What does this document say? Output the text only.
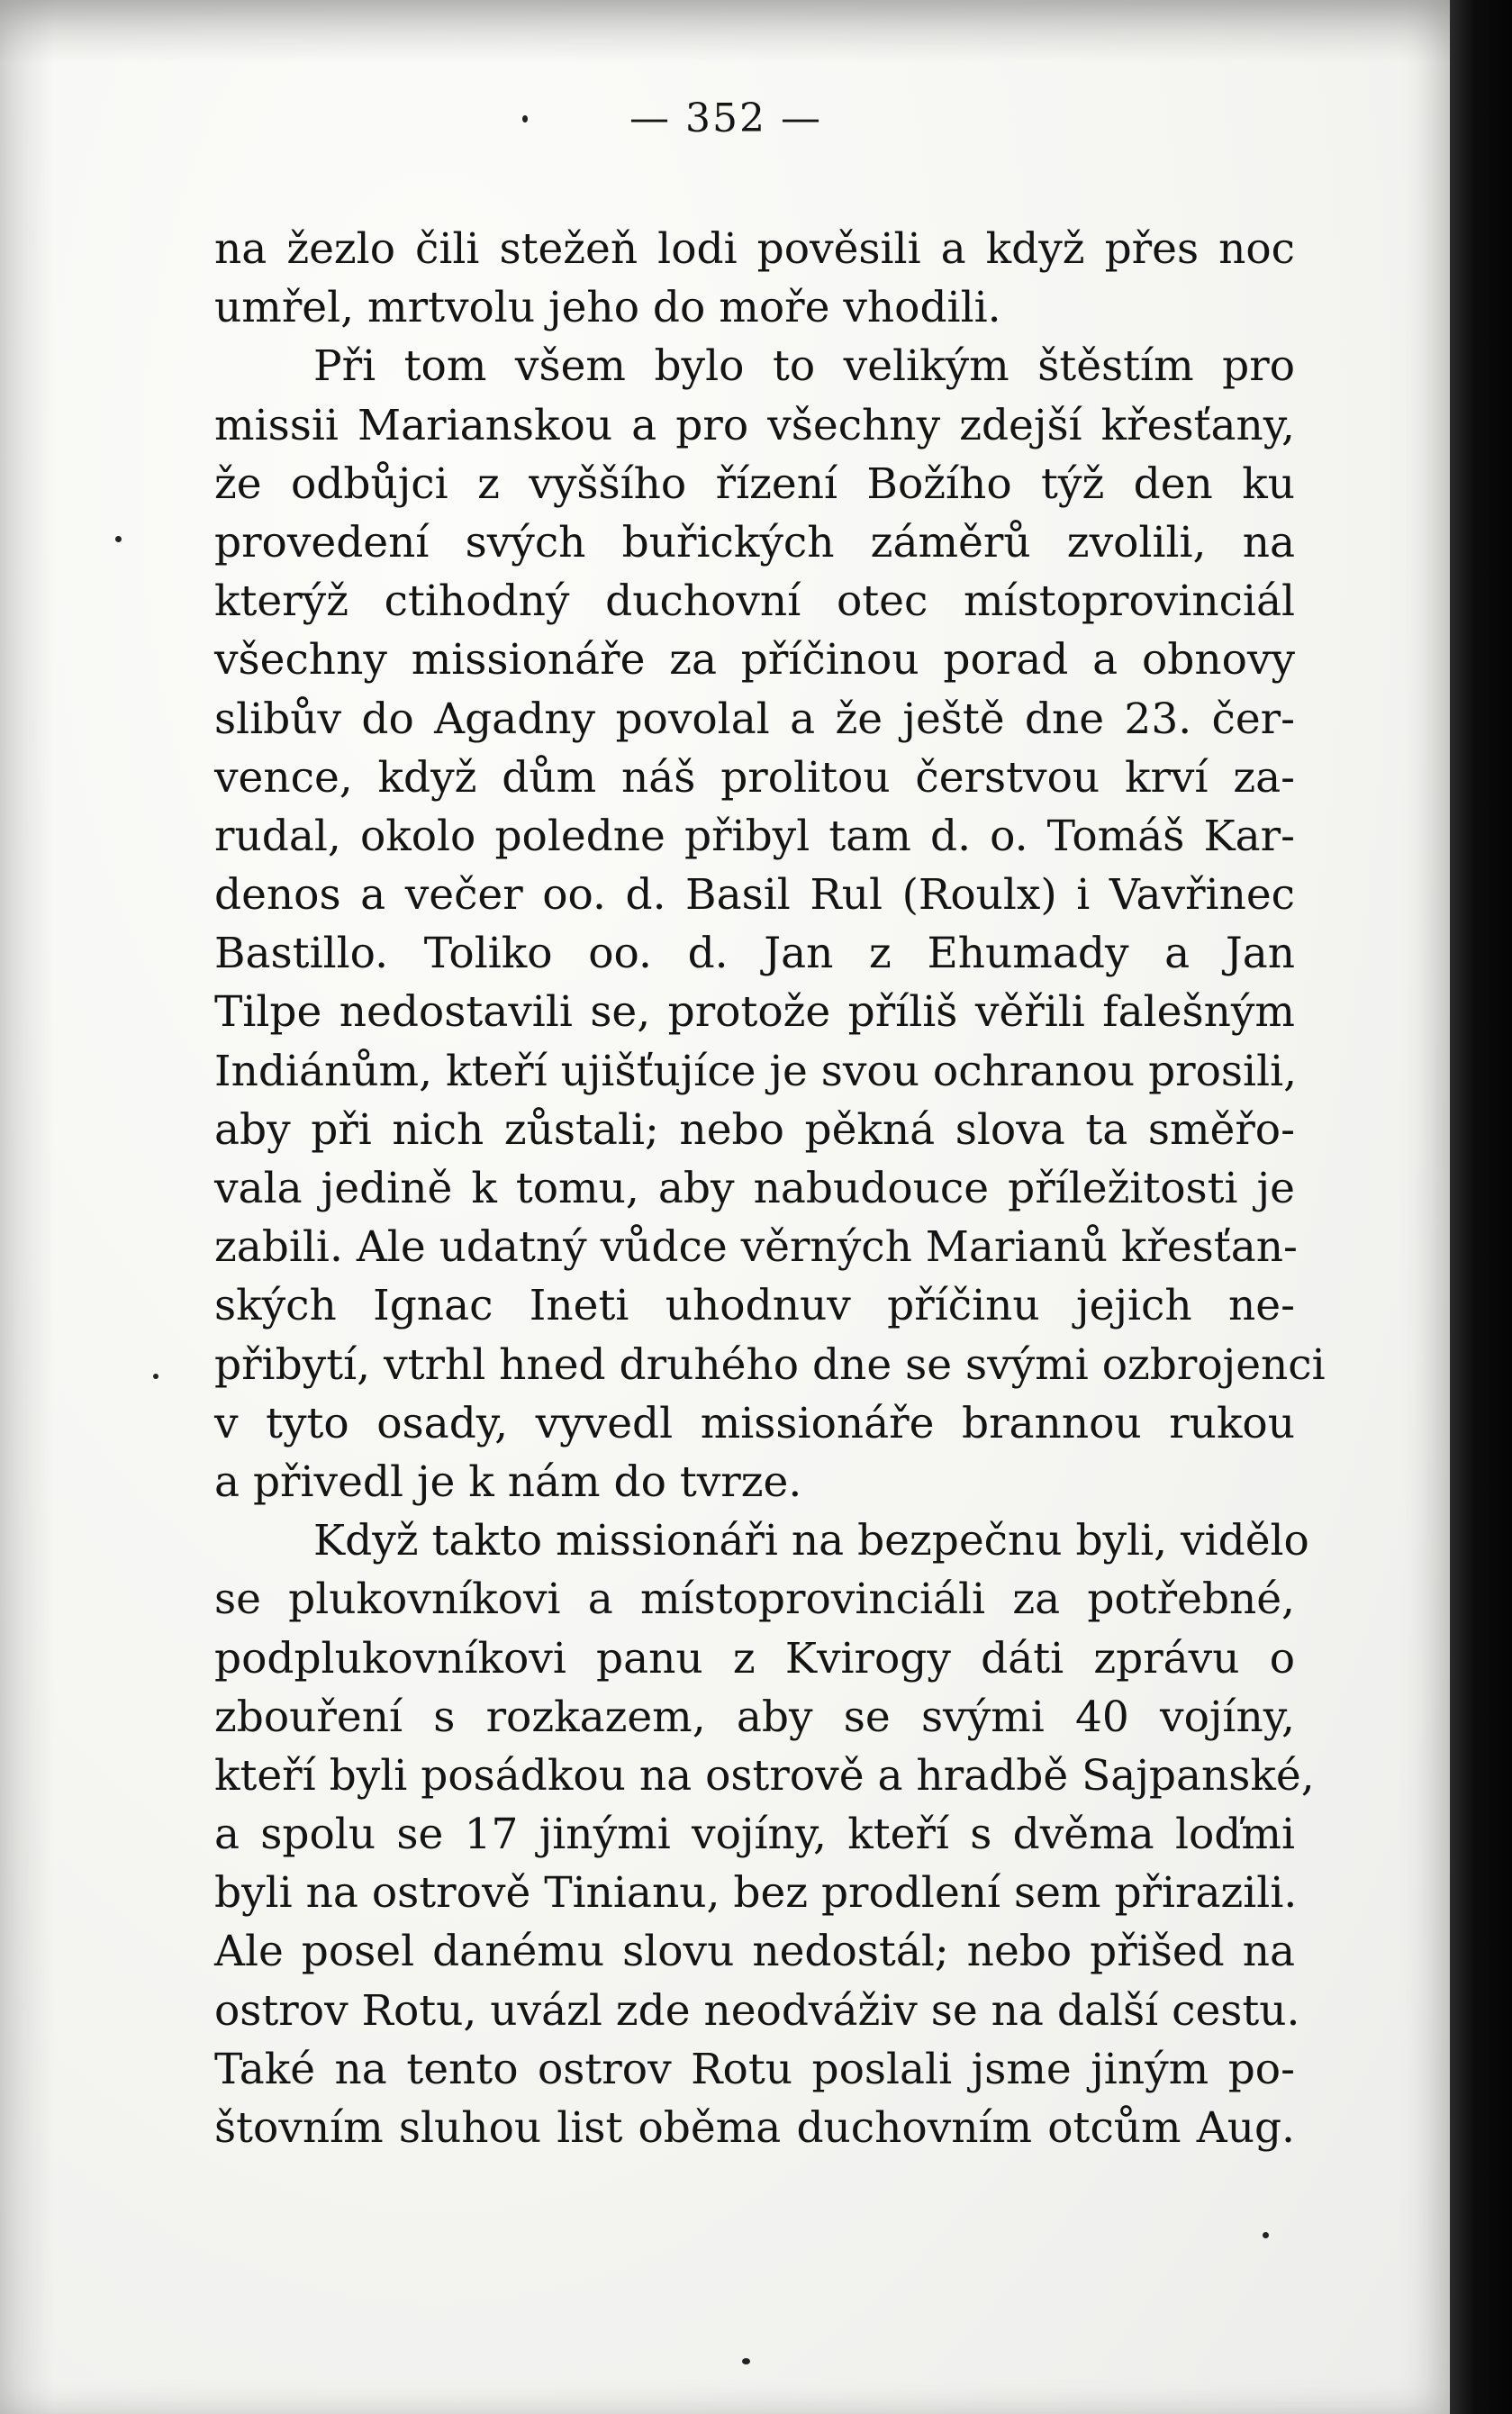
— 352 —
na žezlo čili stežeň lodi pověsili a když přes noc
umřel, mrtvolu jeho do moře vhodili.
Při tom všem bylo to velikým štěstím pro
missii Marianskou a pro všechny zdejší křesťany,
že odbůjci z vyššího řízení Božího týž den ku
provedení svých buřických záměrů zvolili, na
kterýž ctihodný duchovní otec místoprovinciál
všechny missionáře za příčinou porad a obnovy
slibův do Agadny povolal a že ještě dne 23. čer-
vence, když dům náš prolitou čerstvou krví za-
rudal, okolo poledne přibyl tam d. o. Tomáš Kar-
denos a večer oo. d. Basil Rul (Roulx) i Vavřinec
Bastillo. Toliko oo. d. Jan z Ehumady a Jan
Tilpe nedostavili se, protože příliš věřili falešným
Indiánům, kteří ujišťujíce je svou ochranou prosili,
aby při nich zůstali; nebo pěkná slova ta směřo-
vala jedině k tomu, aby nabudouce příležitosti je
zabili. Ale udatný vůdce věrných Marianů křesťan-
ských Ignac Ineti uhodnuv příčinu jejich ne-
přibytí, vtrhl hned druhého dne se svými ozbrojenci
v tyto osady, vyvedl missionáře brannou rukou
a přivedl je k nám do tvrze.
Když takto missionáři na bezpečnu byli, vidělo
se plukovníkovi a místoprovinciáli za potřebné,
podplukovníkovi panu z Kvirogy dáti zprávu o
zbouření s rozkazem, aby se svými 40 vojíny,
kteří byli posádkou na ostrově a hradbě Sajpanské,
a spolu se 17 jinými vojíny, kteří s dvěma loďmi
byli na ostrově Tinianu, bez prodlení sem přirazili.
Ale posel danému slovu nedostál; nebo přišed na
ostrov Rotu, uvázl zde neodváživ se na další cestu.
Také na tento ostrov Rotu poslali jsme jiným po-
štovním sluhou list oběma duchovním otcům Aug.
